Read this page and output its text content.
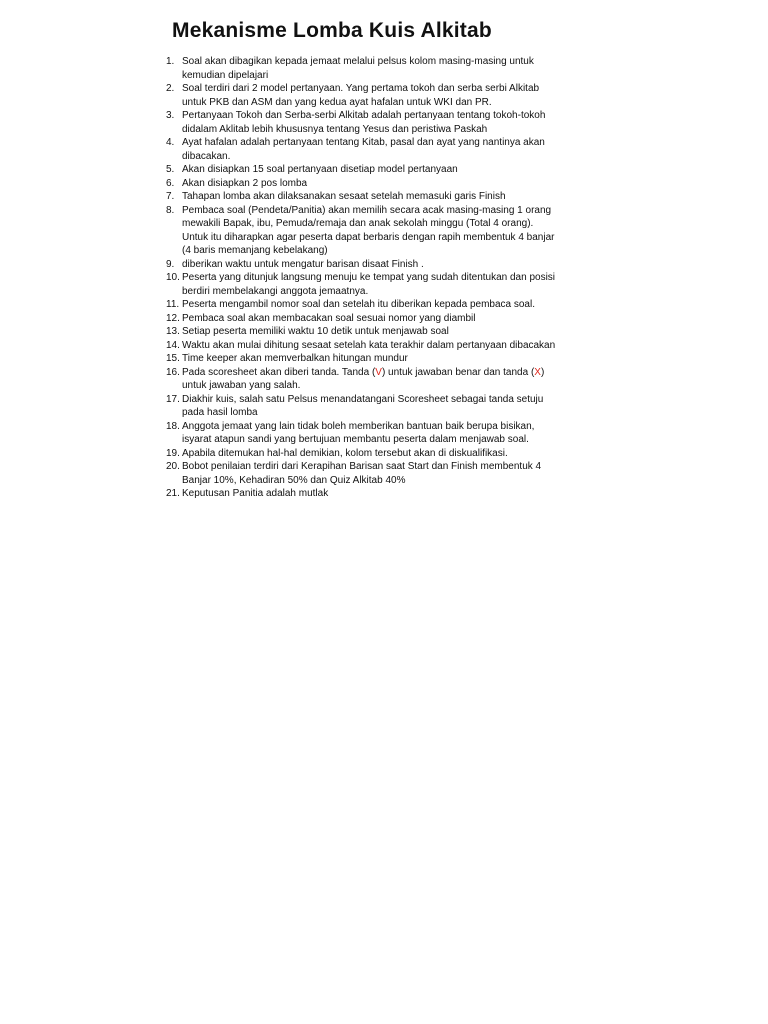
Mekanisme Lomba Kuis Alkitab
1. Soal akan dibagikan kepada jemaat melalui pelsus kolom masing-masing untuk
kemudian dipelajari
2. Soal terdiri dari 2 model pertanyaan. Yang pertama tokoh dan serba serbi Alkitab
untuk PKB dan ASM dan yang kedua ayat hafalan untuk WKI dan PR.
3. Pertanyaan Tokoh dan Serba-serbi Alkitab adalah pertanyaan tentang tokoh-tokoh
didalam Aklitab lebih khususnya tentang Yesus dan peristiwa Paskah
4. Ayat hafalan adalah pertanyaan tentang Kitab, pasal dan ayat yang nantinya akan
dibacakan.
5. Akan disiapkan 15 soal pertanyaan disetiap model pertanyaan
6. Akan disiapkan 2 pos lomba
7. Tahapan lomba akan dilaksanakan sesaat setelah memasuki garis Finish
8. Pembaca soal (Pendeta/Panitia) akan memilih secara acak masing-masing 1 orang
mewakili Bapak, ibu, Pemuda/remaja dan anak sekolah minggu (Total 4 orang).
Untuk itu diharapkan agar peserta dapat berbaris dengan rapih membentuk 4 banjar
(4 baris memanjang kebelakang)
9. diberikan waktu untuk mengatur barisan disaat Finish .
10. Peserta yang ditunjuk langsung menuju ke tempat yang sudah ditentukan dan posisi
berdiri membelakangi anggota jemaatnya.
11. Peserta mengambil nomor soal dan setelah itu diberikan kepada pembaca soal.
12. Pembaca soal akan membacakan soal sesuai nomor yang diambil
13. Setiap peserta memiliki waktu 10 detik untuk menjawab soal
14. Waktu akan mulai dihitung sesaat setelah kata terakhir dalam pertanyaan dibacakan
15. Time keeper akan memverbalkan hitungan mundur
16. Pada scoresheet akan diberi tanda. Tanda (V) untuk jawaban benar dan tanda (X)
untuk jawaban yang salah.
17. Diakhir kuis, salah satu Pelsus menandatangani Scoresheet sebagai tanda setuju
pada hasil lomba
18. Anggota jemaat yang lain tidak boleh memberikan bantuan baik berupa bisikan,
isyarat atapun sandi yang bertujuan membantu peserta dalam menjawab soal.
19. Apabila ditemukan hal-hal demikian, kolom tersebut akan di diskualifikasi.
20. Bobot penilaian terdiri dari Kerapihan Barisan saat Start dan Finish membentuk 4
Banjar 10%, Kehadiran 50% dan Quiz Alkitab 40%
21. Keputusan Panitia adalah mutlak
